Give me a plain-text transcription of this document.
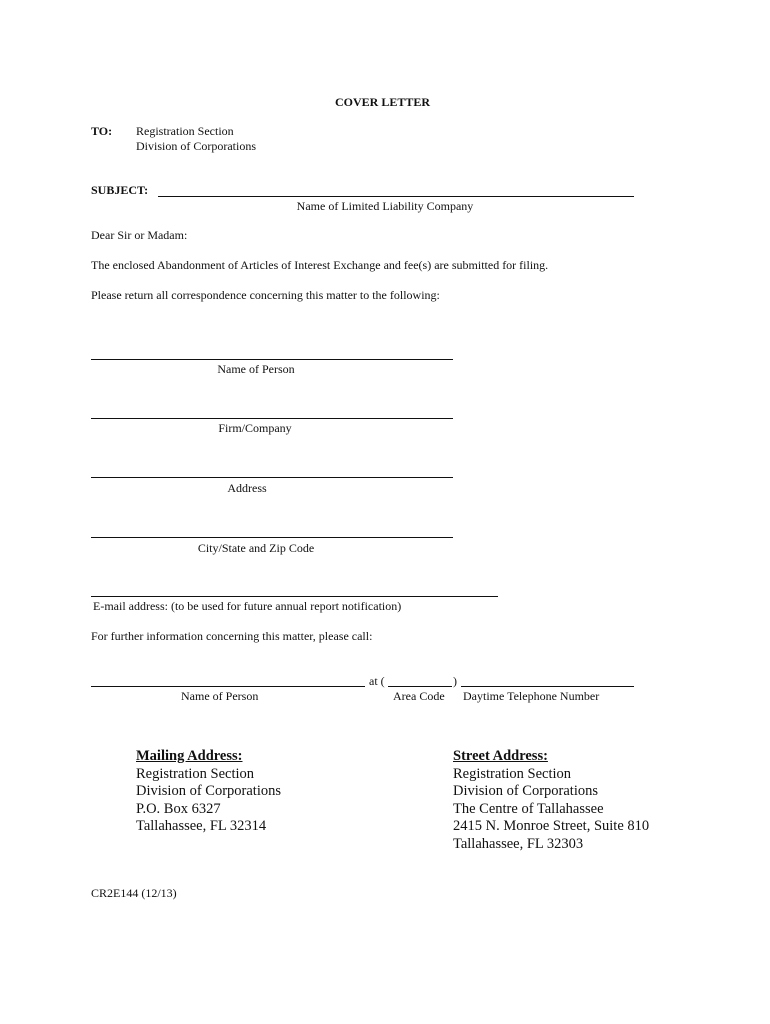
COVER LETTER
TO: Registration Section
Division of Corporations
SUBJECT:
Name of Limited Liability Company
Dear Sir or Madam:
The enclosed Abandonment of Articles of Interest Exchange and fee(s) are submitted for filing.
Please return all correspondence concerning this matter to the following:
Name of Person
Firm/Company
Address
City/State and Zip Code
E-mail address: (to be used for future annual report notification)
For further information concerning this matter, please call:
at (	)
Name of Person	Area Code Daytime Telephone Number
Mailing Address:
Registration Section
Division of Corporations
P.O. Box 6327
Tallahassee, FL 32314
Street Address:
Registration Section
Division of Corporations
The Centre of Tallahassee
2415 N. Monroe Street, Suite 810
Tallahassee, FL 32303
CR2E144 (12/13)
